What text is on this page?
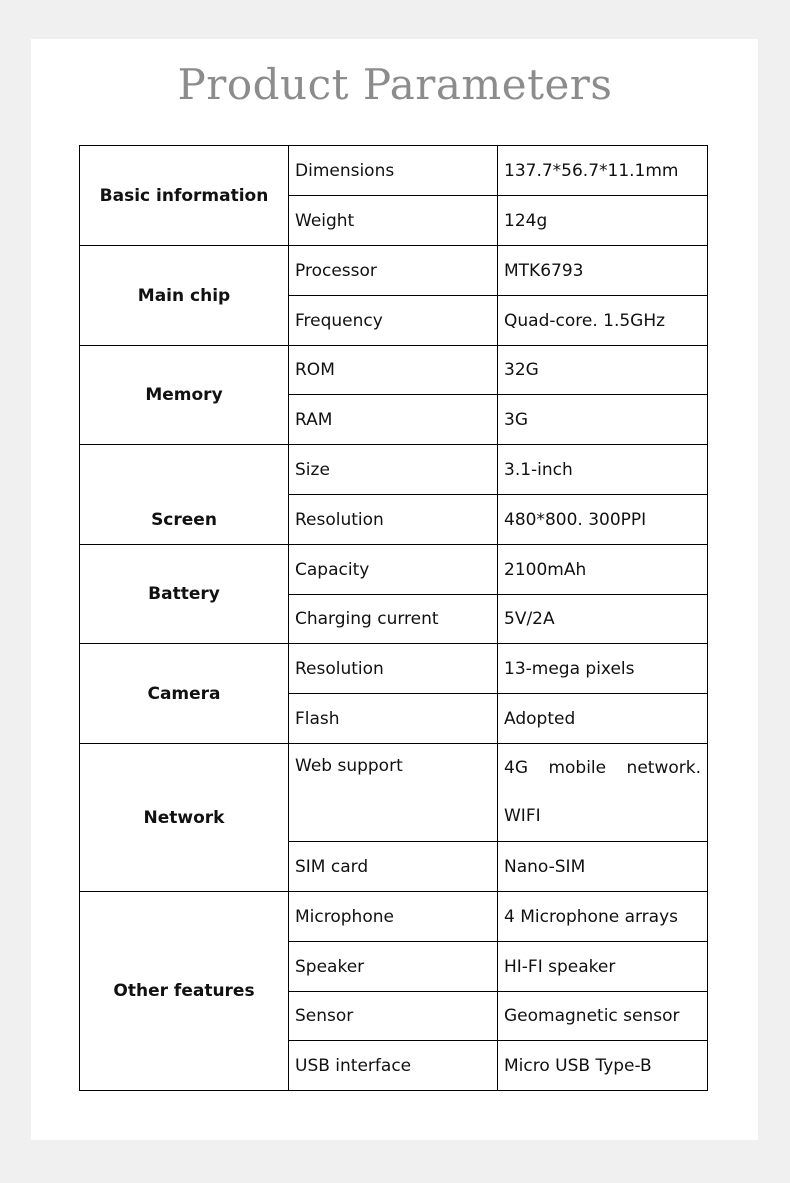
Product Parameters
Basic information	Dimensions	137.7*56.7*11.1mm
	Weight	124g
Main chip	Processor	MTK6793
	Frequency	Quad-core. 1.5GHz
Memory	ROM	32G
	RAM	3G
Screen	Size	3.1-inch
	Resolution	480*800. 300PPI
Battery	Capacity	2100mAh
	Charging current	5V/2A
Camera	Resolution	13-mega pixels
	Flash	Adopted
Network	Web support	4G mobile network. WIFI
	SIM card	Nano-SIM
Other features	Microphone	4 Microphone arrays
	Speaker	HI-FI speaker
	Sensor	Geomagnetic sensor
	USB interface	Micro USB Type-B
